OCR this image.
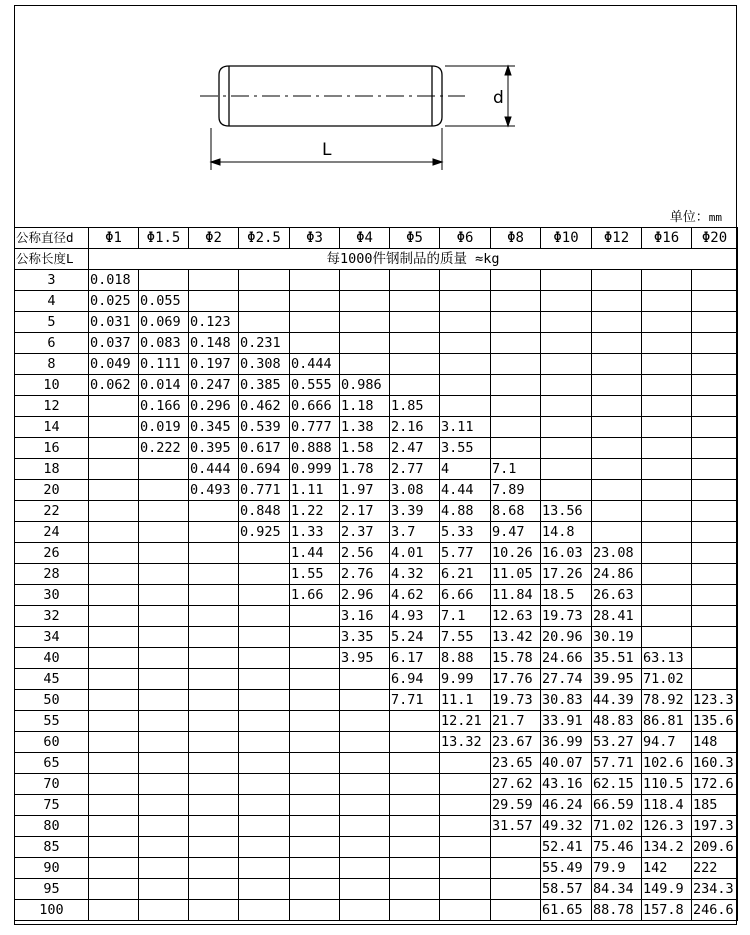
d
L
单位：mm
公称直径d	Φ1	Φ1.5	Φ2	Φ2.5	Φ3	Φ4	Φ5	Φ6	Φ8	Φ10	Φ12	Φ16	Φ20
公称长度L	每1000件钢制品的质量 ≈kg												
3	0.018												
4	0.025	0.055											
5	0.031	0.069	0.123										
6	0.037	0.083	0.148	0.231									
8	0.049	0.111	0.197	0.308	0.444								
10	0.062	0.014	0.247	0.385	0.555	0.986							
12		0.166	0.296	0.462	0.666	1.18	1.85						
14		0.019	0.345	0.539	0.777	1.38	2.16	3.11					
16		0.222	0.395	0.617	0.888	1.58	2.47	3.55					
18			0.444	0.694	0.999	1.78	2.77	4	7.1				
20			0.493	0.771	1.11	1.97	3.08	4.44	7.89				
22				0.848	1.22	2.17	3.39	4.88	8.68	13.56			
24				0.925	1.33	2.37	3.7	5.33	9.47	14.8			
26					1.44	2.56	4.01	5.77	10.26	16.03	23.08		
28					1.55	2.76	4.32	6.21	11.05	17.26	24.86		
30					1.66	2.96	4.62	6.66	11.84	18.5	26.63		
32						3.16	4.93	7.1	12.63	19.73	28.41		
34						3.35	5.24	7.55	13.42	20.96	30.19		
40						3.95	6.17	8.88	15.78	24.66	35.51	63.13	
45							6.94	9.99	17.76	27.74	39.95	71.02	
50							7.71	11.1	19.73	30.83	44.39	78.92	123.3
55								12.21	21.7	33.91	48.83	86.81	135.6
60								13.32	23.67	36.99	53.27	94.7	148
65									23.65	40.07	57.71	102.6	160.3
70									27.62	43.16	62.15	110.5	172.6
75									29.59	46.24	66.59	118.4	185
80									31.57	49.32	71.02	126.3	197.3
85										52.41	75.46	134.2	209.6
90										55.49	79.9	142	222
95										58.57	84.34	149.9	234.3
100										61.65	88.78	157.8	246.6
